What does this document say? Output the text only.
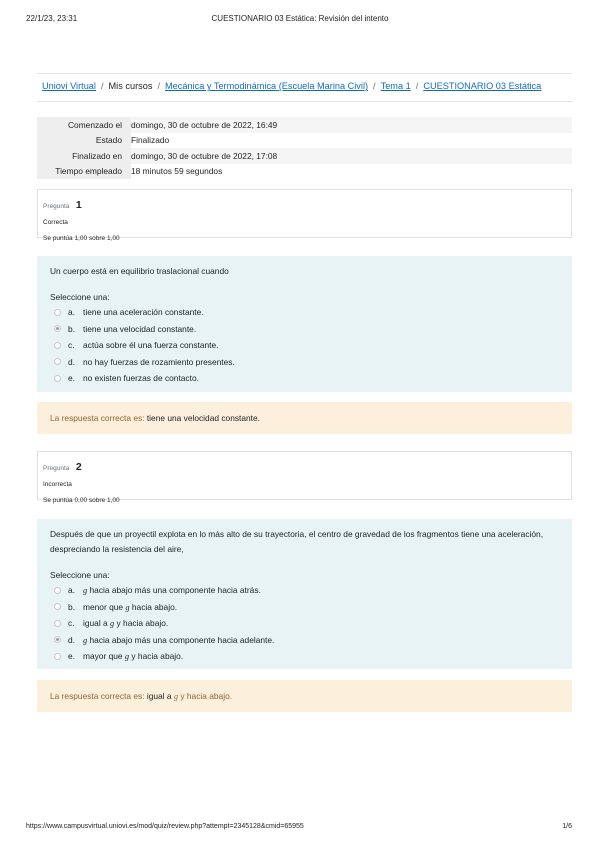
22/1/23, 23:31	CUESTIONARIO 03 Estática: Revisión del intento
Uniovi Virtual / Mis cursos / Mecánica y Termodinámica (Escuela Marina Civil) / Tema 1 / CUESTIONARIO 03 Estática
Comenzado el	domingo, 30 de octubre de 2022, 16:49
Estado	Finalizado
Finalizado en	domingo, 30 de octubre de 2022, 17:08
Tiempo empleado	18 minutos 59 segundos
Pregunta 1
Correcta
Se puntúa 1,00 sobre 1,00
Un cuerpo está en equilibrio traslacional cuando
Seleccione una:
a. tiene una aceleración constante.
b. tiene una velocidad constante.
c.	actúa sobre él una fuerza constante.
d. no hay fuerzas de rozamiento presentes.
e. no existen fuerzas de contacto.
La respuesta correcta es: tiene una velocidad constante.
Pregunta 2
Incorrecta
Se puntúa 0,00 sobre 1,00
Después de que un proyectil explota en lo más alto de su trayectoria, el centro de gravedad de los fragmentos tiene una aceleración, despreciando la resistencia del aire,
Seleccione una:
a. g hacia abajo más una componente hacia atrás.
b. menor que g hacia abajo.
c.	igual a g y hacia abajo.
d. g hacia abajo más una componente hacia adelante.
e. mayor que g y hacia abajo.
La respuesta correcta es: igual a g y hacia abajo.
https://www.campusvirtual.uniovi.es/mod/quiz/review.php?attempt=2345128&cmid=65955	1/6
